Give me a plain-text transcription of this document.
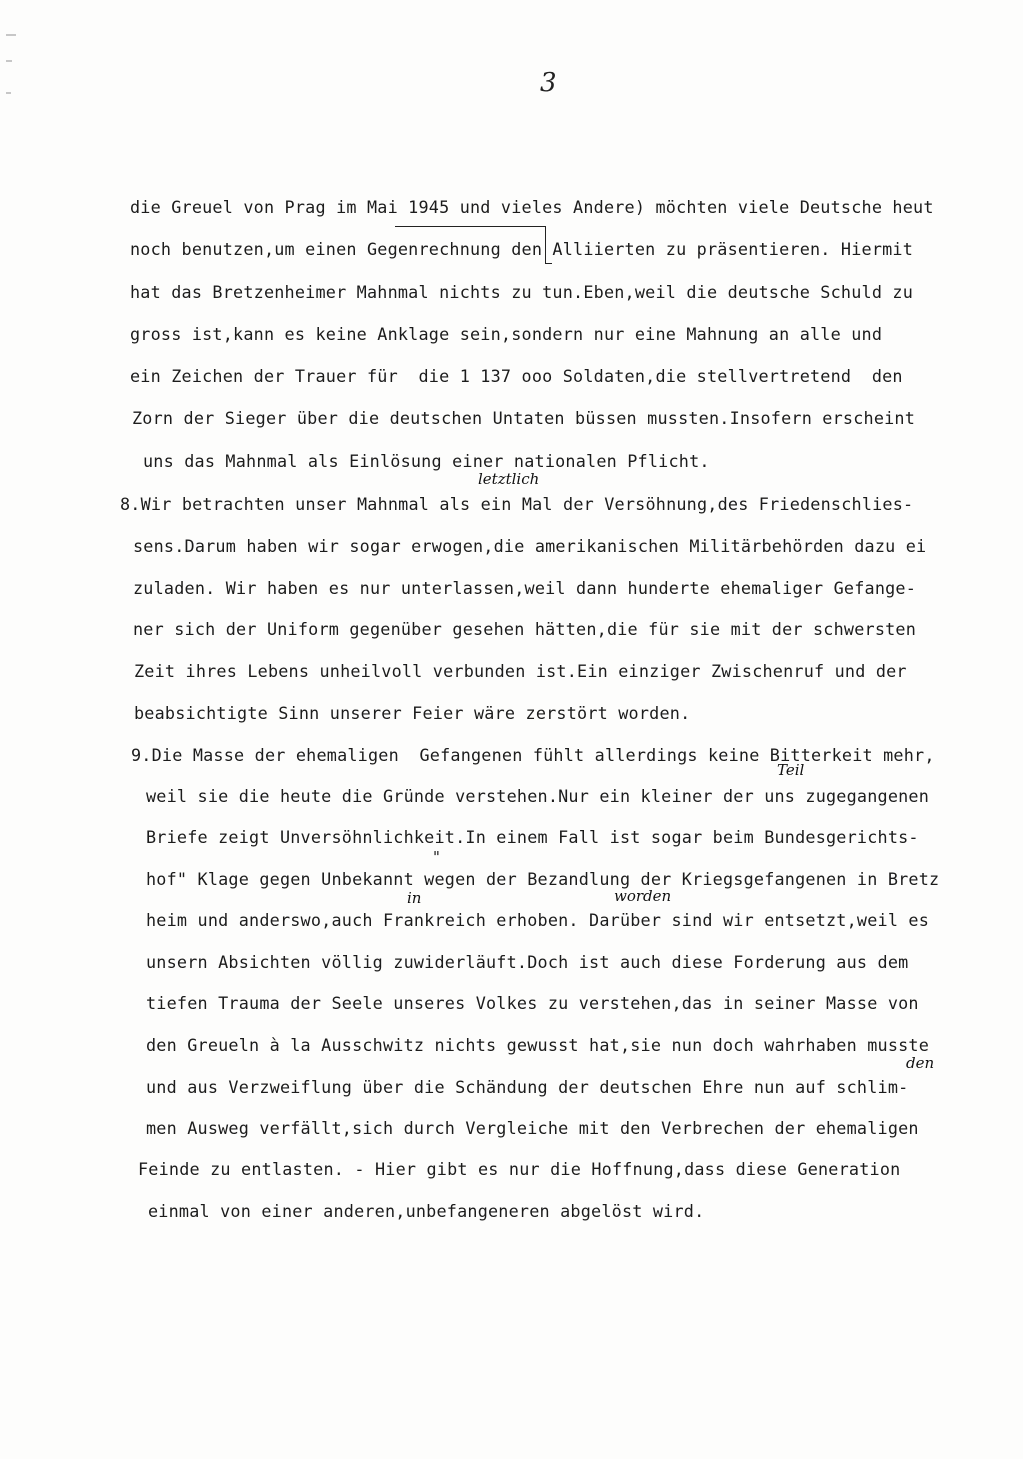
3
die Greuel von Prag im Mai 1945 und vieles Andere) möchten viele Deutsche heut
noch benutzen,um einen Gegenrechnung den Alliierten zu präsentieren. Hiermit
hat das Bretzenheimer Mahnmal nichts zu tun.Eben,weil die deutsche Schuld zu
gross ist,kann es keine Anklage sein,sondern nur eine Mahnung an alle und
ein Zeichen der Trauer für  die 1 137 ooo Soldaten,die stellvertretend  den
Zorn der Sieger über die deutschen Untaten büssen mussten.Insofern erscheint
uns das Mahnmal als Einlösung einer nationalen Pflicht.
8.Wir betrachten unser Mahnmal als ein Mal der Versöhnung,des Friedenschlies-
sens.Darum haben wir sogar erwogen,die amerikanischen Militärbehörden dazu ei
zuladen. Wir haben es nur unterlassen,weil dann hunderte ehemaliger Gefange-
ner sich der Uniform gegenüber gesehen hätten,die für sie mit der schwersten
Zeit ihres Lebens unheilvoll verbunden ist.Ein einziger Zwischenruf und der
beabsichtigte Sinn unserer Feier wäre zerstört worden.
9.Die Masse der ehemaligen  Gefangenen fühlt allerdings keine Bitterkeit mehr,
weil sie die heute die Gründe verstehen.Nur ein kleiner der uns zugegangenen
Briefe zeigt Unversöhnlichkeit.In einem Fall ist sogar beim Bundesgerichts-
hof" Klage gegen Unbekannt wegen der Bezandlung der Kriegsgefangenen in Bretz
heim und anderswo,auch Frankreich erhoben. Darüber sind wir entsetzt,weil es
unsern Absichten völlig zuwiderläuft.Doch ist auch diese Forderung aus dem
tiefen Trauma der Seele unseres Volkes zu verstehen,das in seiner Masse von
den Greueln à la Ausschwitz nichts gewusst hat,sie nun doch wahrhaben musste
und aus Verzweiflung über die Schändung der deutschen Ehre nun auf schlim-
men Ausweg verfällt,sich durch Vergleiche mit den Verbrechen der ehemaligen
Feinde zu entlasten. - Hier gibt es nur die Hoffnung,dass diese Generation
einmal von einer anderen,unbefangeneren abgelöst wird.
letztlich
Teil
in	worden
den
"
